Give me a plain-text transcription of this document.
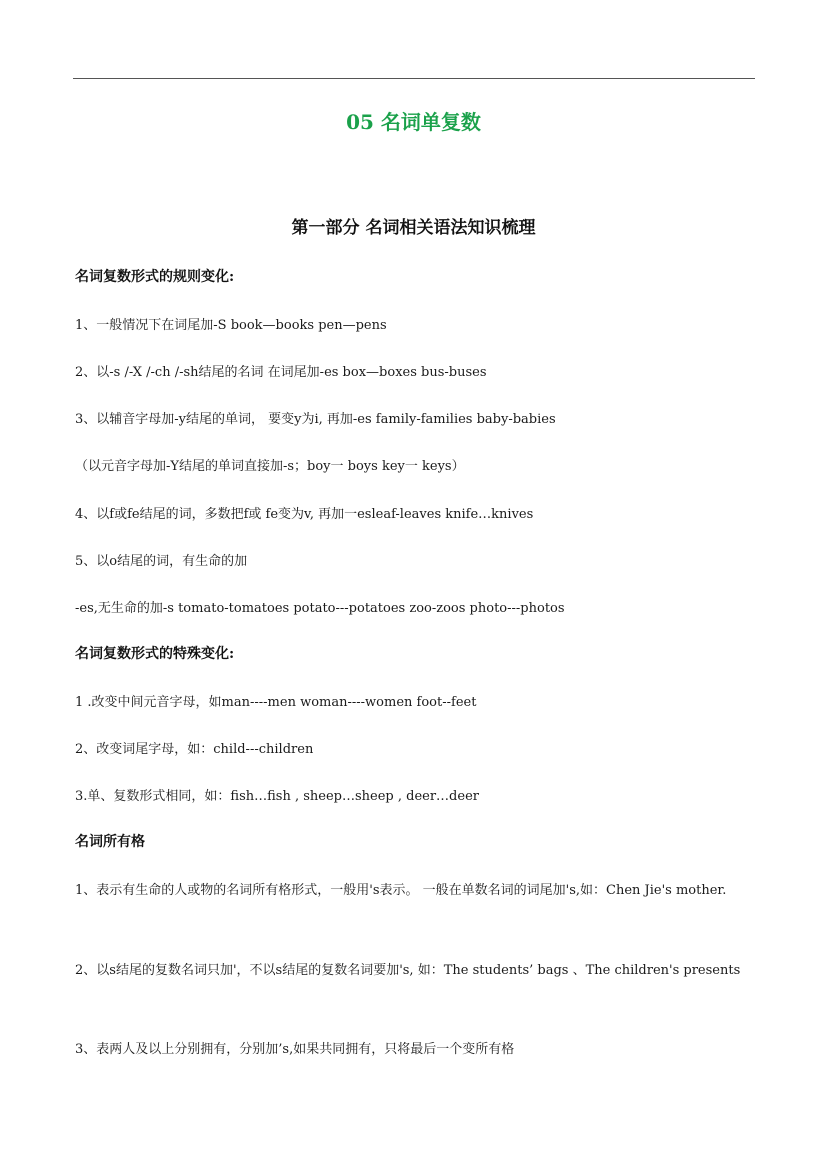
05 名词单复数
第一部分 名词相关语法知识梳理
名词复数形式的规则变化:
1、一般情况下在词尾加-S book—books pen—pens
2、以-s /-X /-ch /-sh结尾的名词 在词尾加-es box—boxes bus-buses
3、以辅音字母加-y结尾的单词， 要变y为i, 再加-es family-families baby-babies
（以元音字母加-Y结尾的单词直接加-s；boy一 boys key一 keys）
4、以f或fe结尾的词，多数把f或 fe变为v, 再加一esleaf-leaves knife…knives
5、以o结尾的词，有生命的加
-es,无生命的加-s tomato-tomatoes potato---potatoes zoo-zoos photo---photos
名词复数形式的特殊变化:
1 .改变中间元音字母，如man----men woman----women foot--feet
2、改变词尾字母，如：child---children
3.单、复数形式相同，如：fish…fish , sheep…sheep , deer…deer
名词所有格
1、表示有生命的人或物的名词所有格形式，一般用's表示。 一般在单数名词的词尾加's,如：Chen Jie's mother.
2、以s结尾的复数名词只加'，不以s结尾的复数名词要加's, 如：The students’ bags 、The children's presents
3、表两人及以上分别拥有，分别加’s,如果共同拥有，只将最后一个变所有格
